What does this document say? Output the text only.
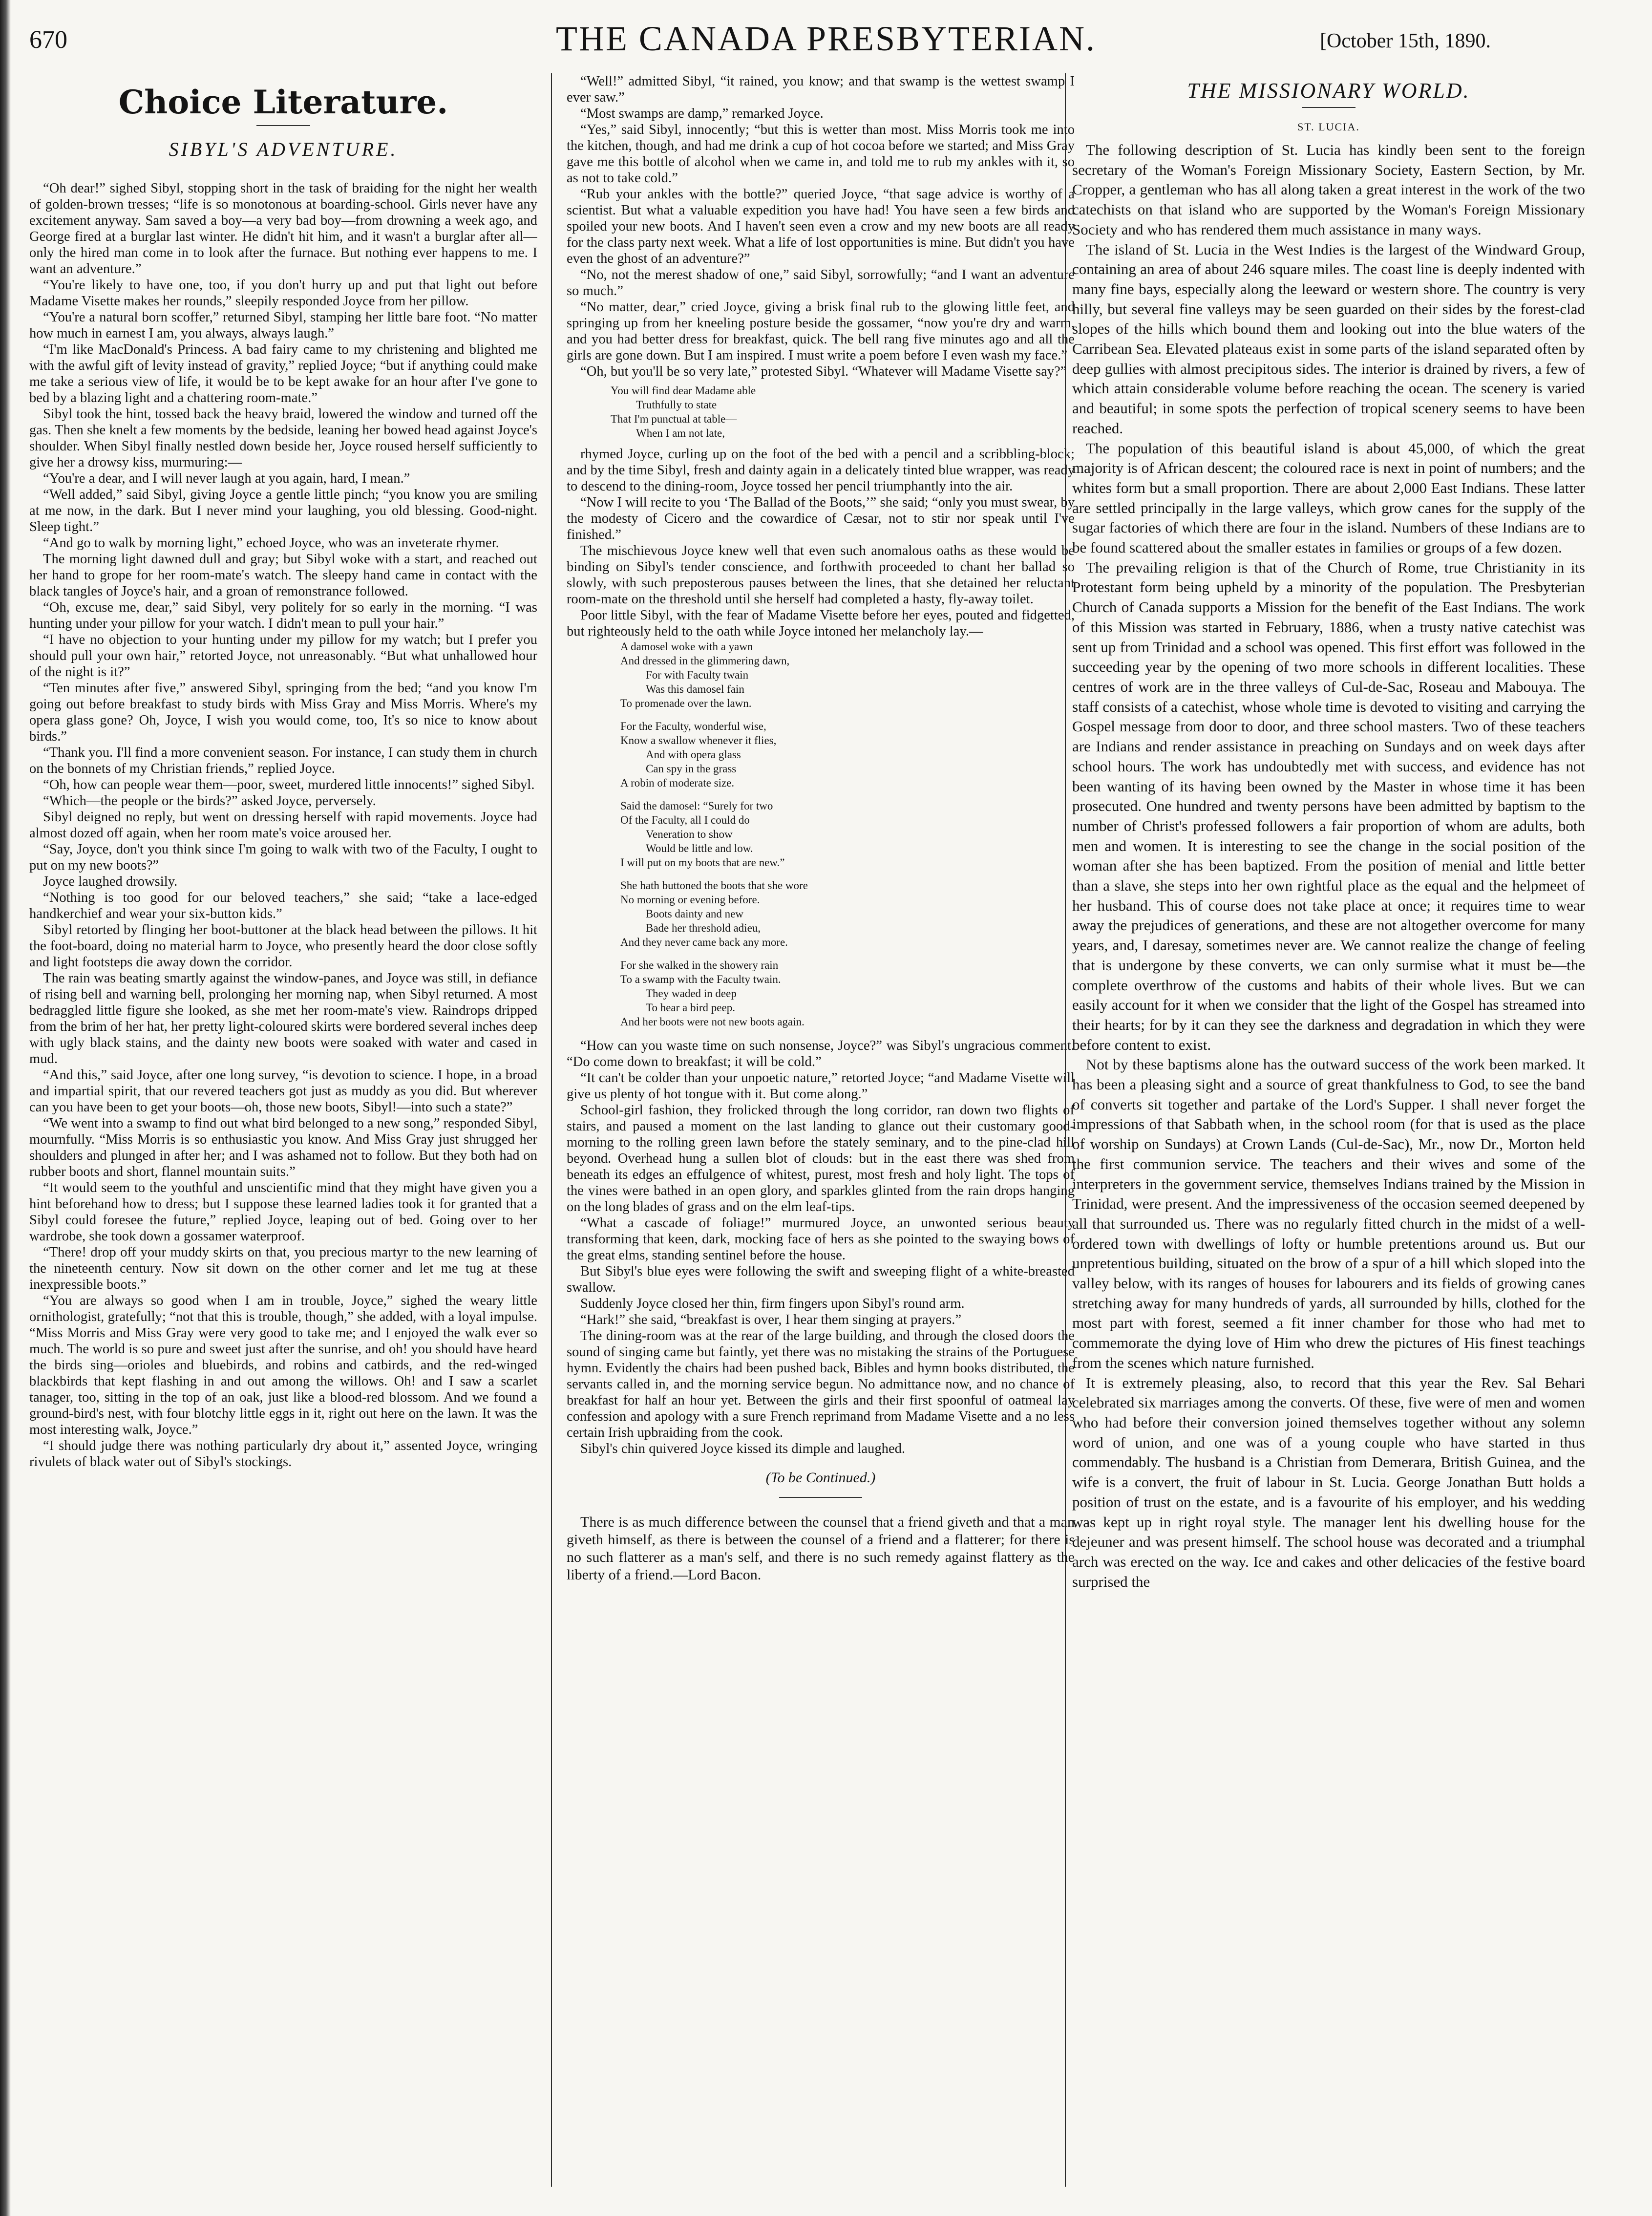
670	THE CANADA PRESBYTERIAN.	[October 15th, 1890.
Choice Literature.
SIBYL'S ADVENTURE.

“Oh dear!” sighed Sibyl, stopping short in the task of braiding for the night her wealth of golden-brown tresses; “life is so monotonous at boarding-school. Girls never have any excitement anyway. Sam saved a boy—a very bad boy—from drowning a week ago, and George fired at a burglar last winter. He didn't hit him, and it wasn't a burglar after all—only the hired man come in to look after the furnace. But nothing ever happens to me. I want an adventure.”

“You're likely to have one, too, if you don't hurry up and put that light out before Madame Visette makes her rounds,” sleepily responded Joyce from her pillow.

“You're a natural born scoffer,” returned Sibyl, stamping her little bare foot. “No matter how much in earnest I am, you always, always laugh.”

“I'm like MacDonald's Princess. A bad fairy came to my christening and blighted me with the awful gift of levity instead of gravity,” replied Joyce; “but if anything could make me take a serious view of life, it would be to be kept awake for an hour after I've gone to bed by a blazing light and a chattering room-mate.”

Sibyl took the hint, tossed back the heavy braid, lowered the window and turned off the gas. Then she knelt a few moments by the bedside, leaning her bowed head against Joyce's shoulder. When Sibyl finally nestled down beside her, Joyce roused herself sufficiently to give her a drowsy kiss, murmuring:—

“You're a dear, and I will never laugh at you again, hard, I mean.”

“Well added,” said Sibyl, giving Joyce a gentle little pinch; “you know you are smiling at me now, in the dark. But I never mind your laughing, you old blessing. Good-night. Sleep tight.”

“And go to walk by morning light,” echoed Joyce, who was an inveterate rhymer.

The morning light dawned dull and gray; but Sibyl woke with a start, and reached out her hand to grope for her room-mate's watch. The sleepy hand came in contact with the black tangles of Joyce's hair, and a groan of remonstrance followed.

“Oh, excuse me, dear,” said Sibyl, very politely for so early in the morning. “I was hunting under your pillow for your watch. I didn't mean to pull your hair.”

“I have no objection to your hunting under my pillow for my watch; but I prefer you should pull your own hair,” retorted Joyce, not unreasonably. “But what unhallowed hour of the night is it?”

“Ten minutes after five,” answered Sibyl, springing from the bed; “and you know I'm going out before breakfast to study birds with Miss Gray and Miss Morris. Where's my opera glass gone? Oh, Joyce, I wish you would come, too, It's so nice to know about birds.”

“Thank you. I'll find a more convenient season. For instance, I can study them in church on the bonnets of my Christian friends,” replied Joyce.

“Oh, how can people wear them—poor, sweet, murdered little innocents!” sighed Sibyl.

“Which—the people or the birds?” asked Joyce, perversely.

Sibyl deigned no reply, but went on dressing herself with rapid movements. Joyce had almost dozed off again, when her room mate's voice aroused her.

“Say, Joyce, don't you think since I'm going to walk with two of the Faculty, I ought to put on my new boots?”

Joyce laughed drowsily.

“Nothing is too good for our beloved teachers,” she said; “take a lace-edged handkerchief and wear your six-button kids.”

Sibyl retorted by flinging her boot-buttoner at the black head between the pillows. It hit the foot-board, doing no material harm to Joyce, who presently heard the door close softly and light footsteps die away down the corridor.

The rain was beating smartly against the window-panes, and Joyce was still, in defiance of rising bell and warning bell, prolonging her morning nap, when Sibyl returned. A most bedraggled little figure she looked, as she met her room-mate's view. Raindrops dripped from the brim of her hat, her pretty light-coloured skirts were bordered several inches deep with ugly black stains, and the dainty new boots were soaked with water and cased in mud.

“And this,” said Joyce, after one long survey, “is devotion to science. I hope, in a broad and impartial spirit, that our revered teachers got just as muddy as you did. But wherever can you have been to get your boots—oh, those new boots, Sibyl!—into such a state?”

“We went into a swamp to find out what bird belonged to a new song,” responded Sibyl, mournfully. “Miss Morris is so enthusiastic you know. And Miss Gray just shrugged her shoulders and plunged in after her; and I was ashamed not to follow. But they both had on rubber boots and short, flannel mountain suits.”

“It would seem to the youthful and unscientific mind that they might have given you a hint beforehand how to dress; but I suppose these learned ladies took it for granted that a Sibyl could foresee the future,” replied Joyce, leaping out of bed. Going over to her wardrobe, she took down a gossamer waterproof.

“There! drop off your muddy skirts on that, you precious martyr to the new learning of the nineteenth century. Now sit down on the other corner and let me tug at these inexpressible boots.”

“You are always so good when I am in trouble, Joyce,” sighed the weary little ornithologist, gratefully; “not that this is trouble, though,” she added, with a loyal impulse. “Miss Morris and Miss Gray were very good to take me; and I enjoyed the walk ever so much. The world is so pure and sweet just after the sunrise, and oh! you should have heard the birds sing—orioles and bluebirds, and robins and catbirds, and the red-winged blackbirds that kept flashing in and out among the willows. Oh! and I saw a scarlet tanager, too, sitting in the top of an oak, just like a blood-red blossom. And we found a ground-bird's nest, with four blotchy little eggs in it, right out here on the lawn. It was the most interesting walk, Joyce.”

“I should judge there was nothing particularly dry about it,” assented Joyce, wringing rivulets of black water out of Sibyl's stockings.

“Well!” admitted Sibyl, “it rained, you know; and that swamp is the wettest swamp I ever saw.”

“Most swamps are damp,” remarked Joyce.

“Yes,” said Sibyl, innocently; “but this is wetter than most. Miss Morris took me into the kitchen, though, and had me drink a cup of hot cocoa before we started; and Miss Gray gave me this bottle of alcohol when we came in, and told me to rub my ankles with it, so as not to take cold.”

“Rub your ankles with the bottle?” queried Joyce, “that sage advice is worthy of a scientist. But what a valuable expedition you have had! You have seen a few birds and spoiled your new boots. And I haven't seen even a crow and my new boots are all ready for the class party next week. What a life of lost opportunities is mine. But didn't you have even the ghost of an adventure?”

“No, not the merest shadow of one,” said Sibyl, sorrowfully; “and I want an adventure so much.”

“No matter, dear,” cried Joyce, giving a brisk final rub to the glowing little feet, and springing up from her kneeling posture beside the gossamer, “now you're dry and warm, and you had better dress for breakfast, quick. The bell rang five minutes ago and all the girls are gone down. But I am inspired. I must write a poem before I even wash my face.”

“Oh, but you'll be so very late,” protested Sibyl. “Whatever will Madame Visette say?”

You will find dear Madame able
Truthfully to state
That I'm punctual at table—
When I am not late,

rhymed Joyce, curling up on the foot of the bed with a pencil and a scribbling-block; and by the time Sibyl, fresh and dainty again in a delicately tinted blue wrapper, was ready to descend to the dining-room, Joyce tossed her pencil triumphantly into the air.

“Now I will recite to you ‘The Ballad of the Boots,’” she said; “only you must swear, by the modesty of Cicero and the cowardice of Cæsar, not to stir nor speak until I've finished.”

The mischievous Joyce knew well that even such anomalous oaths as these would be binding on Sibyl's tender conscience, and forthwith proceeded to chant her ballad so slowly, with such preposterous pauses between the lines, that she detained her reluctant room-mate on the threshold until she herself had completed a hasty, fly-away toilet.

Poor little Sibyl, with the fear of Madame Visette before her eyes, pouted and fidgetted, but righteously held to the oath while Joyce intoned her melancholy lay.—

A damosel woke with a yawn
And dressed in the glimmering dawn,
For with Faculty twain
Was this damosel fain
To promenade over the lawn.
For the Faculty, wonderful wise,
Know a swallow whenever it flies,
And with opera glass
Can spy in the grass
A robin of moderate size.
Said the damosel: “Surely for two
Of the Faculty, all I could do
Veneration to show
Would be little and low.
I will put on my boots that are new.”
She hath buttoned the boots that she wore
No morning or evening before.
Boots dainty and new
Bade her threshold adieu,
And they never came back any more.
For she walked in the showery rain
To a swamp with the Faculty twain.
They waded in deep
To hear a bird peep.
And her boots were not new boots again.

“How can you waste time on such nonsense, Joyce?” was Sibyl's ungracious comment. “Do come down to breakfast; it will be cold.”

“It can't be colder than your unpoetic nature,” retorted Joyce; “and Madame Visette will give us plenty of hot tongue with it. But come along.”

School-girl fashion, they frolicked through the long corridor, ran down two flights of stairs, and paused a moment on the last landing to glance out their customary good-morning to the rolling green lawn before the stately seminary, and to the pine-clad hill beyond. Overhead hung a sullen blot of clouds: but in the east there was shed from beneath its edges an effulgence of whitest, purest, most fresh and holy light. The tops of the vines were bathed in an open glory, and sparkles glinted from the rain drops hanging on the long blades of grass and on the elm leaf-tips.

“What a cascade of foliage!” murmured Joyce, an unwonted serious beauty transforming that keen, dark, mocking face of hers as she pointed to the swaying bows of the great elms, standing sentinel before the house.

But Sibyl's blue eyes were following the swift and sweeping flight of a white-breasted swallow.

Suddenly Joyce closed her thin, firm fingers upon Sibyl's round arm.

“Hark!” she said, “breakfast is over, I hear them singing at prayers.”

The dining-room was at the rear of the large building, and through the closed doors the sound of singing came but faintly, yet there was no mistaking the strains of the Portuguese hymn. Evidently the chairs had been pushed back, Bibles and hymn books distributed, the servants called in, and the morning service begun. No admittance now, and no chance of breakfast for half an hour yet. Between the girls and their first spoonful of oatmeal lay confession and apology with a sure French reprimand from Madame Visette and a no less certain Irish upbraiding from the cook.

Sibyl's chin quivered Joyce kissed its dimple and laughed.

(To be Continued.)

There is as much difference between the counsel that a friend giveth and that a man giveth himself, as there is between the counsel of a friend and a flatterer; for there is no such flatterer as a man's self, and there is no such remedy against flattery as the liberty of a friend.—Lord Bacon.

THE MISSIONARY WORLD.
ST. LUCIA.

The following description of St. Lucia has kindly been sent to the foreign secretary of the Woman's Foreign Missionary Society, Eastern Section, by Mr. Cropper, a gentleman who has all along taken a great interest in the work of the two catechists on that island who are supported by the Woman's Foreign Missionary Society and who has rendered them much assistance in many ways.

The island of St. Lucia in the West Indies is the largest of the Windward Group, containing an area of about 246 square miles. The coast line is deeply indented with many fine bays, especially along the leeward or western shore. The country is very hilly, but several fine valleys may be seen guarded on their sides by the forest-clad slopes of the hills which bound them and looking out into the blue waters of the Carribean Sea. Elevated plateaus exist in some parts of the island separated often by deep gullies with almost precipitous sides. The interior is drained by rivers, a few of which attain considerable volume before reaching the ocean. The scenery is varied and beautiful; in some spots the perfection of tropical scenery seems to have been reached.

The population of this beautiful island is about 45,000, of which the great majority is of African descent; the coloured race is next in point of numbers; and the whites form but a small proportion. There are about 2,000 East Indians. These latter are settled principally in the large valleys, which grow canes for the supply of the sugar factories of which there are four in the island. Numbers of these Indians are to be found scattered about the smaller estates in families or groups of a few dozen.

The prevailing religion is that of the Church of Rome, true Christianity in its Protestant form being upheld by a minority of the population. The Presbyterian Church of Canada supports a Mission for the benefit of the East Indians. The work of this Mission was started in February, 1886, when a trusty native catechist was sent up from Trinidad and a school was opened. This first effort was followed in the succeeding year by the opening of two more schools in different localities. These centres of work are in the three valleys of Cul-de-Sac, Roseau and Mabouya. The staff consists of a catechist, whose whole time is devoted to visiting and carrying the Gospel message from door to door, and three school masters. Two of these teachers are Indians and render assistance in preaching on Sundays and on week days after school hours. The work has undoubtedly met with success, and evidence has not been wanting of its having been owned by the Master in whose time it has been prosecuted. One hundred and twenty persons have been admitted by baptism to the number of Christ's professed followers a fair proportion of whom are adults, both men and women. It is interesting to see the change in the social position of the woman after she has been baptized. From the position of menial and little better than a slave, she steps into her own rightful place as the equal and the helpmeet of her husband. This of course does not take place at once; it requires time to wear away the prejudices of generations, and these are not altogether overcome for many years, and, I daresay, sometimes never are. We cannot realize the change of feeling that is undergone by these converts, we can only surmise what it must be—the complete overthrow of the customs and habits of their whole lives. But we can easily account for it when we consider that the light of the Gospel has streamed into their hearts; for by it can they see the darkness and degradation in which they were before content to exist.

Not by these baptisms alone has the outward success of the work been marked. It has been a pleasing sight and a source of great thankfulness to God, to see the band of converts sit together and partake of the Lord's Supper. I shall never forget the impressions of that Sabbath when, in the school room (for that is used as the place of worship on Sundays) at Crown Lands (Cul-de-Sac), Mr., now Dr., Morton held the first communion service. The teachers and their wives and some of the interpreters in the government service, themselves Indians trained by the Mission in Trinidad, were present. And the impressiveness of the occasion seemed deepened by all that surrounded us. There was no regularly fitted church in the midst of a well-ordered town with dwellings of lofty or humble pretentions around us. But our unpretentious building, situated on the brow of a spur of a hill which sloped into the valley below, with its ranges of houses for labourers and its fields of growing canes stretching away for many hundreds of yards, all surrounded by hills, clothed for the most part with forest, seemed a fit inner chamber for those who had met to commemorate the dying love of Him who drew the pictures of His finest teachings from the scenes which nature furnished.

It is extremely pleasing, also, to record that this year the Rev. Sal Behari celebrated six marriages among the converts. Of these, five were of men and women who had before their conversion joined themselves together without any solemn word of union, and one was of a young couple who have started in thus commendably. The husband is a Christian from Demerara, British Guinea, and the wife is a convert, the fruit of labour in St. Lucia. George Jonathan Butt holds a position of trust on the estate, and is a favourite of his employer, and his wedding was kept up in right royal style. The manager lent his dwelling house for the dejeuner and was present himself. The school house was decorated and a triumphal arch was erected on the way. Ice and cakes and other delicacies of the festive board surprised the
